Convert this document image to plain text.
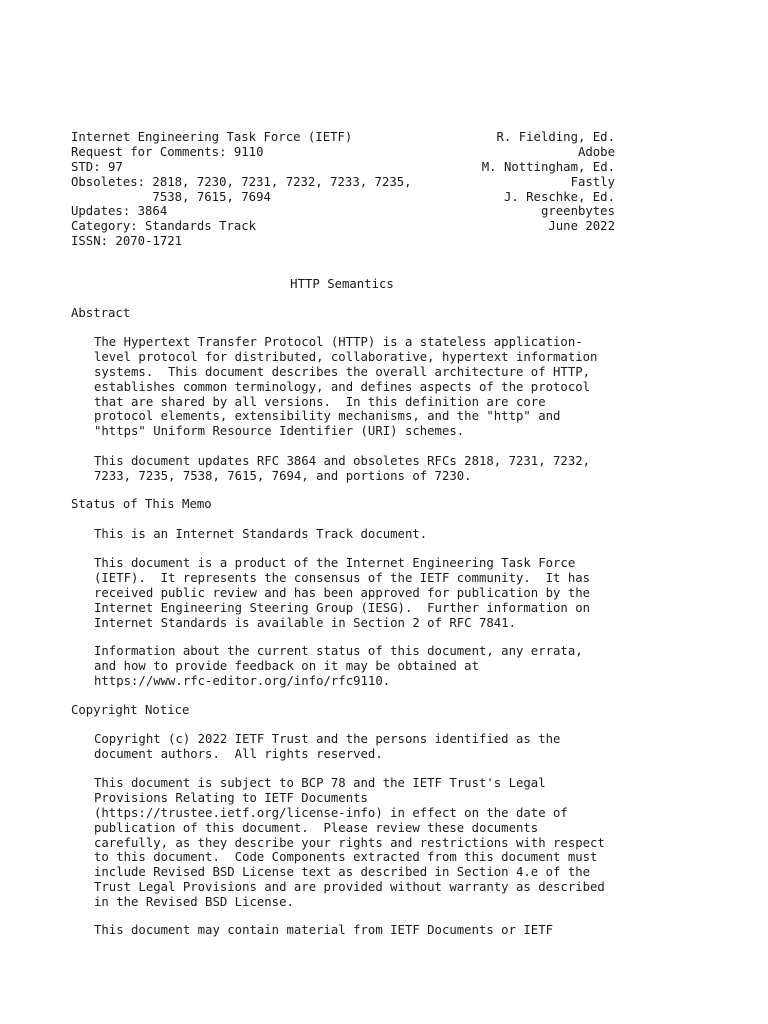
Internet Engineering Task Force (IETF)	R. Fielding, Ed.
Request for Comments: 9110	Adobe
STD: 97	M. Nottingham, Ed.
Obsoletes: 2818, 7230, 7231, 7232, 7233, 7235,	Fastly
7538, 7615, 7694	J. Reschke, Ed.
Updates: 3864	greenbytes
Category: Standards Track	June 2022
ISSN: 2070-1721
HTTP Semantics
Abstract
The Hypertext Transfer Protocol (HTTP) is a stateless application-
level protocol for distributed, collaborative, hypertext information
systems.  This document describes the overall architecture of HTTP,
establishes common terminology, and defines aspects of the protocol
that are shared by all versions.  In this definition are core
protocol elements, extensibility mechanisms, and the "http" and
"https" Uniform Resource Identifier (URI) schemes.
This document updates RFC 3864 and obsoletes RFCs 2818, 7231, 7232,
7233, 7235, 7538, 7615, 7694, and portions of 7230.
Status of This Memo
This is an Internet Standards Track document.
This document is a product of the Internet Engineering Task Force
(IETF).  It represents the consensus of the IETF community.  It has
received public review and has been approved for publication by the
Internet Engineering Steering Group (IESG).  Further information on
Internet Standards is available in Section 2 of RFC 7841.
Information about the current status of this document, any errata,
and how to provide feedback on it may be obtained at
https://www.rfc-editor.org/info/rfc9110.
Copyright Notice
Copyright (c) 2022 IETF Trust and the persons identified as the
document authors.  All rights reserved.
This document is subject to BCP 78 and the IETF Trust's Legal
Provisions Relating to IETF Documents
(https://trustee.ietf.org/license-info) in effect on the date of
publication of this document.  Please review these documents
carefully, as they describe your rights and restrictions with respect
to this document.  Code Components extracted from this document must
include Revised BSD License text as described in Section 4.e of the
Trust Legal Provisions and are provided without warranty as described
in the Revised BSD License.
This document may contain material from IETF Documents or IETF
